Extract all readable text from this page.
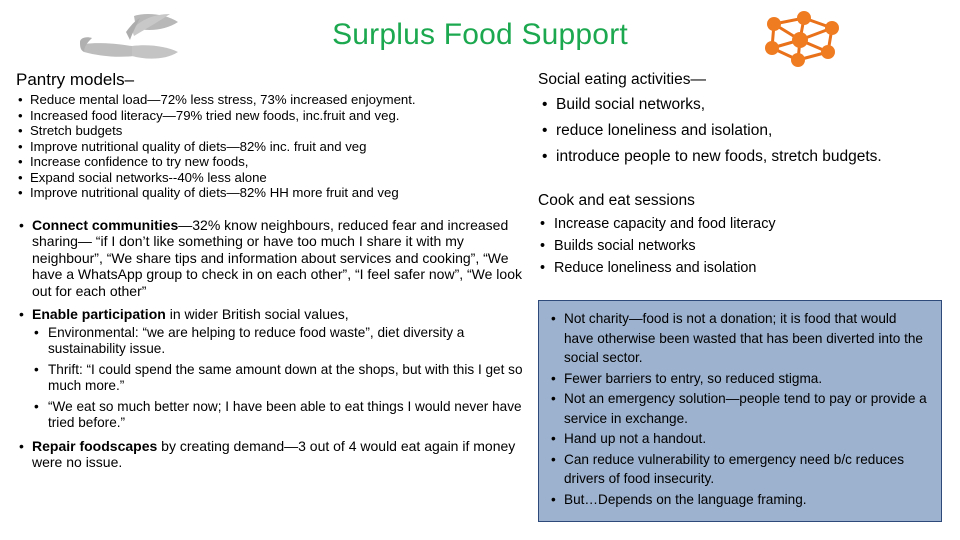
Surplus Food Support
Pantry models–
• Reduce mental load—72% less stress, 73% increased enjoyment.
• Increased food literacy—79% tried new foods, inc.fruit and veg.
• Stretch budgets
• Improve nutritional quality of diets—82% inc. fruit and veg
• Increase confidence to try new foods,
• Expand social networks--40% less alone
• Improve nutritional quality of diets—82% HH more fruit and veg
• Connect communities—32% know neighbours, reduced fear and increased sharing— “if I don’t like something or have too much I share it with my neighbour”, “We share tips and information about services and cooking”, “We have a WhatsApp group to check in on each other”, “I feel safer now”, “We look out for each other”
• Enable participation in wider British social values,
• Environmental: “we are helping to reduce food waste”, diet diversity a sustainability issue.
• Thrift: “I could spend the same amount down at the shops, but with this I get so much more.”
• “We eat so much better now; I have been able to eat things I would never have tried before.”
• Repair foodscapes by creating demand—3 out of 4 would eat again if money were no issue.
Social eating activities—
• Build social networks,
• reduce loneliness and isolation,
• introduce people to new foods, stretch budgets.
Cook and eat sessions
• Increase capacity and food literacy
• Builds social networks
• Reduce loneliness and isolation
• Not charity—food is not a donation; it is food that would have otherwise been wasted that has been diverted into the social sector.
• Fewer barriers to entry, so reduced stigma.
• Not an emergency solution—people tend to pay or provide a service in exchange.
• Hand up not a handout.
• Can reduce vulnerability to emergency need b/c reduces drivers of food insecurity.
• But…Depends on the language framing.
